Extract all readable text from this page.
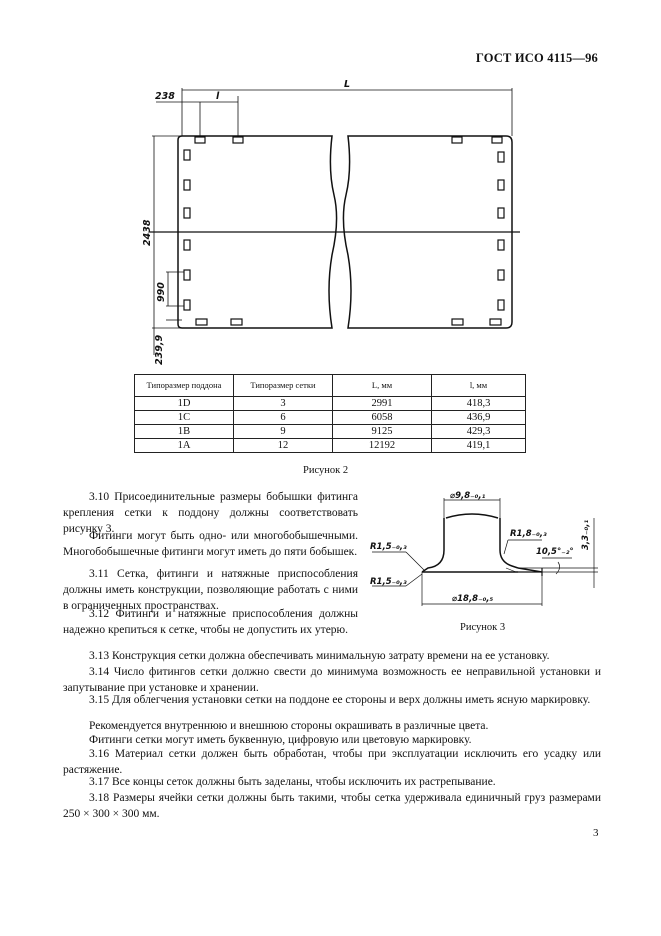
ГОСТ ИСО 4115—96
L
l
238
2438
990
239,9
Типоразмер поддона	Типоразмер сетки	L, мм	l, мм
1D	3	2991	418,3
1C	6	6058	436,9
1B	9	9125	429,3
1A	12	12192	419,1
Рисунок 2
⌀9,8₋₀,₁
R1,8₋₀,₃
R1,5₋₀,₃
R1,5₋₀,₃
10,5°₋₂°
3,3₋₀,₁
⌀18,8₋₀,₅
Рисунок 3

3.10 Присоединительные размеры бобышки фитинга крепления сетки к поддону должны соответствовать рисунку 3.

Фитинги могут быть одно- или многобобышечными. Многобобышечные фитинги могут иметь до пяти бобышек.

3.11 Сетка, фитинги и натяжные приспособления должны иметь конструкции, позволяющие работать с ними в ограниченных пространствах.

3.12 Фитинги и натяжные приспособления должны надежно крепиться к сетке, чтобы не допустить их утерю.

3.13 Конструкция сетки должна обеспечивать минимальную затрату времени на ее установку.

3.14 Число фитингов сетки должно свести до минимума возможность ее неправильной установки и запутывание при установке и хранении.

3.15 Для облегчения установки сетки на поддоне ее стороны и верх должны иметь ясную маркировку.

Рекомендуется внутреннюю и внешнюю стороны окрашивать в различные цвета.

Фитинги сетки могут иметь буквенную, цифровую или цветовую маркировку.

3.16 Материал сетки должен быть обработан, чтобы при эксплуатации исключить его усадку или растяжение.

3.17 Все концы сеток должны быть заделаны, чтобы исключить их растрепывание.

3.18 Размеры ячейки сетки должны быть такими, чтобы сетка удерживала единичный груз размерами 250 × 300 × 300 мм.

3
